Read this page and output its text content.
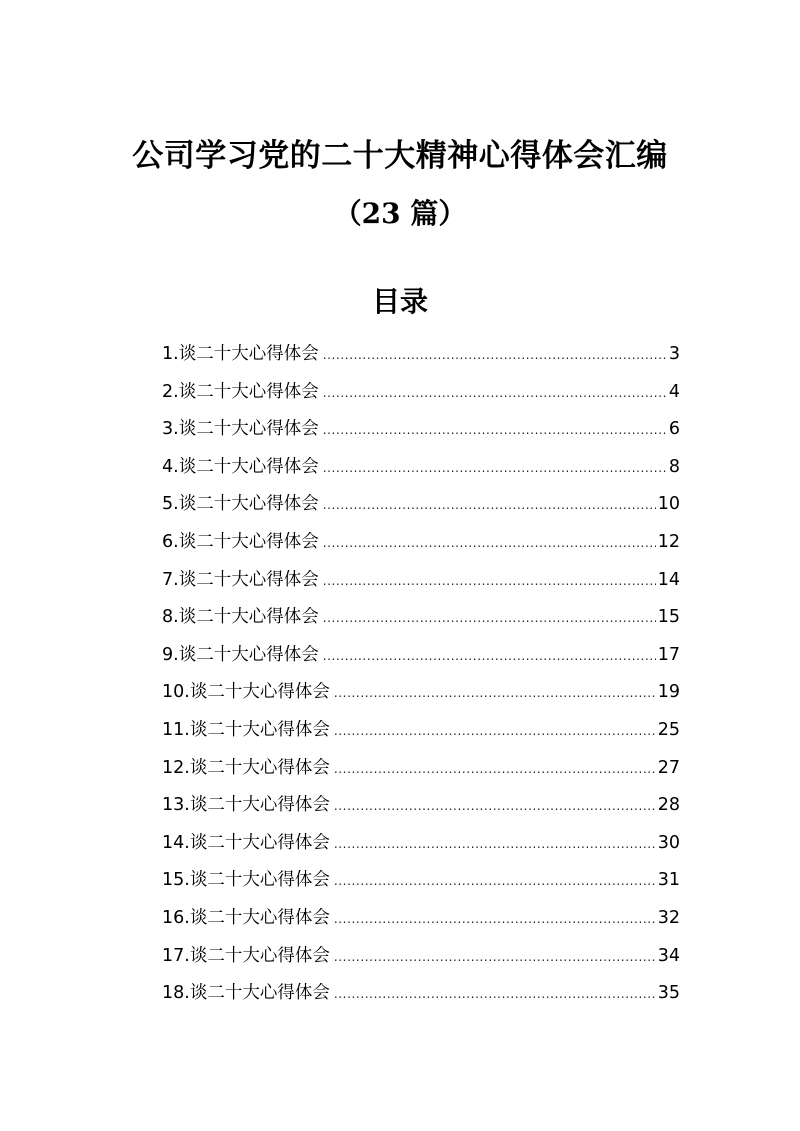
公司学习党的二十大精神心得体会汇编
（23 篇）
目录
1.谈二十大心得体会 .....	3
2.谈二十大心得体会 .....	4
3.谈二十大心得体会 .....	6
4.谈二十大心得体会 .....	8
5.谈二十大心得体会 .....	10
6.谈二十大心得体会 .....	12
7.谈二十大心得体会 .....	14
8.谈二十大心得体会 .....	15
9.谈二十大心得体会 .....	17
10.谈二十大心得体会 .....	19
11.谈二十大心得体会 .....	25
12.谈二十大心得体会 .....	27
13.谈二十大心得体会 .....	28
14.谈二十大心得体会 .....	30
15.谈二十大心得体会 .....	31
16.谈二十大心得体会 .....	32
17.谈二十大心得体会 .....	34
18.谈二十大心得体会 .....	35
